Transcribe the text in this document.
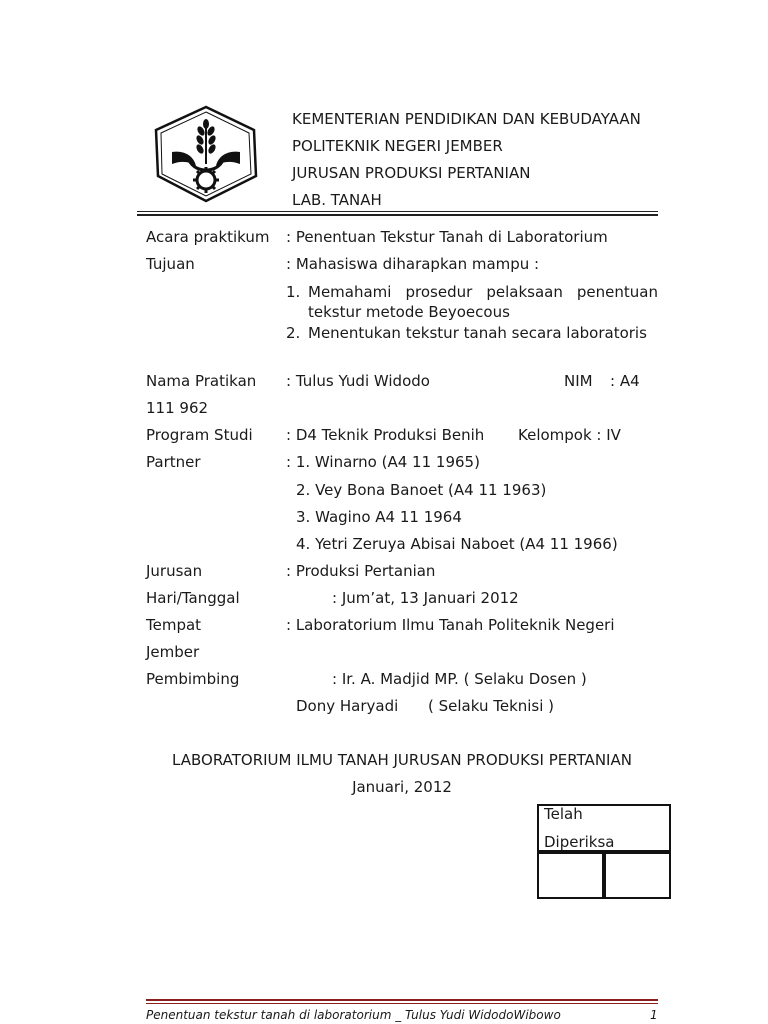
KEMENTERIAN PENDIDIKAN DAN KEBUDAYAAN
POLITEKNIK NEGERI JEMBER
JURUSAN PRODUKSI PERTANIAN
LAB. TANAH
Acara praktikum : Penentuan Tekstur Tanah di Laboratorium
Tujuan	: Mahasiswa diharapkan mampu :
1. Memahami prosedur pelaksaan penentuan
tekstur metode Beyoecous
2. Menentukan tekstur tanah secara laboratoris
Nama Pratikan : Tulus Yudi Widodo	NIM : A4
111 962
Program Studi : D4 Teknik Produksi Benih Kelompok : IV
Partner	: 1. Winarno (A4 11 1965)
2. Vey Bona Banoet (A4 11 1963)
3. Wagino A4 11 1964
4. Yetri Zeruya Abisai Naboet (A4 11 1966)
Jurusan	: Produksi Pertanian
Hari/Tanggal	: Jum’at, 13 Januari 2012
Tempat	: Laboratorium Ilmu Tanah Politeknik Negeri
Jember
Pembimbing	: Ir. A. Madjid MP. ( Selaku Dosen )
Dony Haryadi ( Selaku Teknisi )
LABORATORIUM ILMU TANAH JURUSAN PRODUKSI PERTANIAN
Januari, 2012
Telah
Diperiksa
Penentuan tekstur tanah di laboratorium _ Tulus Yudi WidodoWibowo	1
